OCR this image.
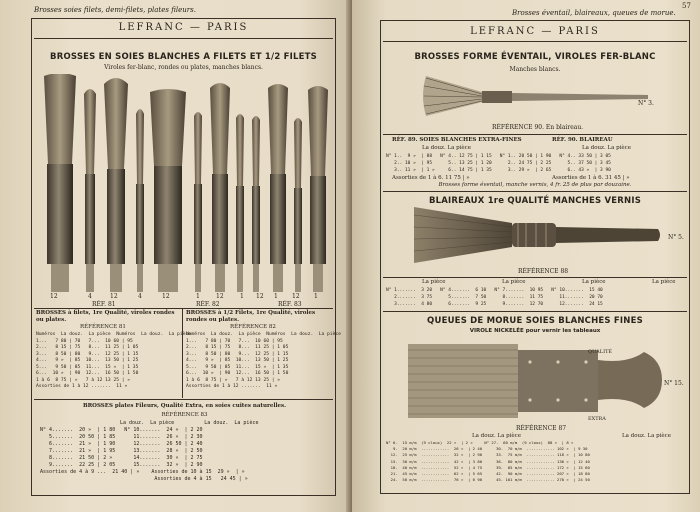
Brosses soies filets, demi-filets, plates fileurs.
LEFRANC — PARIS
BROSSES EN SOIES BLANCHES A FILETS ET 1/2 FILETS
Viroles fer-blanc, rondes ou plates, manches blancs.
12	4	12	4	12	1	12	1 12 1 12 1
RÉF. 81	RÉF. 82	RÉF. 83
BROSSES à filets, 1re Qualité, viroles rondes ou plates.
RÉFÉRENCE 81
Numéros  La douz.  La pièce  Numéros  La douz.  La pièce
1...   7 80 | 70   7...  10 60 | 95
2...   8 15 | 75   8...  11 25 | 1 05
3...   8 50 | 80   9...  12 25 | 1 15
4...   9 »  | 85  10...  13 50 | 1 25
5...   9 50 | 85  11...  15 »  | 1 35
6...  10 »  | 90  12...  16 50 | 1 50
1 à 6  8 75 | »   7 à 12 13 25 | »
Assorties de 1 à 12 .......  11 »
BROSSES à 1/2 Filets, 1re Qualité, viroles rondes ou plates.
RÉFÉRENCE 82
Numéros  La douz.  La pièce  Numéros  La douz.  La pièce
1...   7 80 | 70   7...  10 60 | 95
2...   8 15 | 75   8...  11 25 | 1 05
3...   8 50 | 80   9...  12 25 | 1 15
4...   9 »  | 85  10...  13 50 | 1 25
5...   9 50 | 85  11...  15 »  | 1 35
6...  10 »  | 90  12...  16 50 | 1 50
1 à 6  8 75 | »   7 à 12 13 25 | »
Assorties de 1 à 12 .......  11 »
BROSSES plates Fileurs, Qualité Extra, en soies cuites naturelles.
RÉFÉRENCE 83
La douz.  La pièce          La douz.  La pièce
N° 4.......  20 »  | 1 80   N° 10.......  24 »  | 2 20
5.......  20 50 | 1 85      11.......  26 »  | 2 30
6.......  21 »  | 1 90      12.......  26 50 | 2 40
7.......  21 »  | 1 95      13.......  28 »  | 2 50
8.......  21 50 | 2 »       14.......  30 »  | 2 75
9.......  22 25 | 2 05      15.......  32 »  | 2 90
Assorties de 4 à 9 ...  21 40 | »    Assorties de 10 à 15  29 »  | »
Assorties de 4 à 15   24 45 | »
Brosses éventail, blaireaux, queues de morue.
57
LEFRANC — PARIS
BROSSES FORME ÉVENTAIL, VIROLES FER-BLANC
Manches blancs.
N° 3.
RÉFÉRENCE 90. En blaireau.
RÉF. 89. SOIES BLANCHES EXTRA-FINES	RÉF. 90. BLAIREAU
La douz. La pièce	La douz. La pièce
N° 1..  9 »  | 88   N° 4.. 12 75 | 1 15   N° 1.. 20 50 | 1 90   N° 4.. 33 50 | 3 05
2.. 10 »  | 95      5.. 13 25 | 1 20      2.. 24 75 | 2 25      5.. 37 50 | 3 45
3.. 11 »  | 1 »     6.. 14 75 | 1 35      3.. 29 »  | 2 65      6.. 43 »  | 3 90
Assorties de 1 à 6. 11 75 | »	Assorties de 1 à 6. 31 45 | »
Brosses forme éventail, manche vernis, 4 fr. 25 de plus par douzaine.
BLAIREAUX 1re QUALITÉ MANCHES VERNIS
N° 5.
RÉFÉRENCE 88
La pièce	La pièce	La pièce	La pièce
N° 1.......  3 20   N° 4.......  6 10   N° 7.......  10 95   N° 10.......  15 40
2.......  3 75      5.......  7 50      8.......  11 75      11.......  20 70
3.......  4 80      6.......  9 25      9.......  12 70      12.......  24 15
QUEUES DE MORUE SOIES BLANCHES FINES
VIROLE NICKELÉE pour vernir les tableaux
QUALITÉ
EXTRA
N° 15.
RÉFÉRENCE 87
La douz. La pièce	La douz. La pièce
N° 6.  15 m/m  (9 cloux)  22 »  | 2 »     N° 27.  60 m/m  (9 cloux)  88 »  | 8 »
9.  20 m/m  ............  26 »  | 2 40      30.  70 m/m  ............ 102 »  | 9 30
12.  25 m/m  ............  32 »  | 2 90      33.  75 m/m  ............ 118 »  | 10 80
15.  30 m/m  ............  42 »  | 3 80      36.  80 m/m  ............ 136 »  | 12 40
18.  40 m/m  ............  52 »  | 4 75      39.  85 m/m  ............ 172 »  | 15 60
21.  45 m/m  ............  62 »  | 5 65      42.  90 m/m  ............ 207 »  | 18 80
24.  50 m/m  ............  76 »  | 6 90      45. 101 m/m  ............ 270 »  | 24 50
